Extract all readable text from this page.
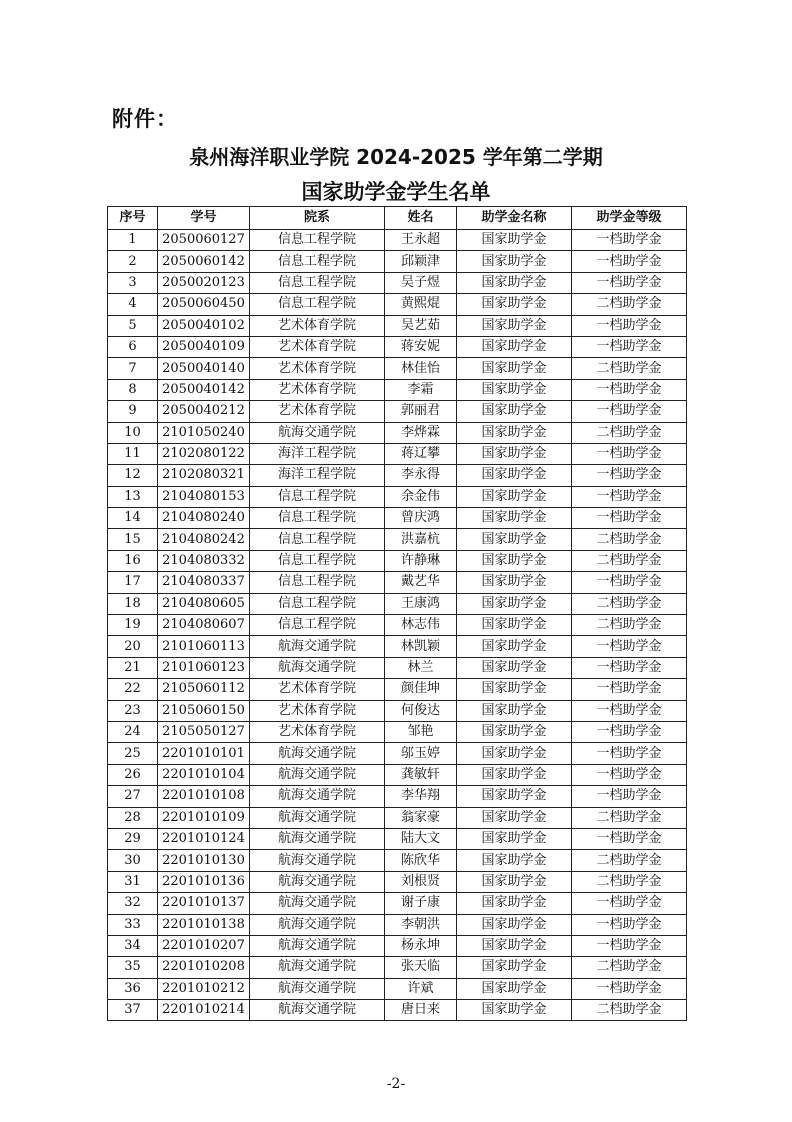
附件：
泉州海洋职业学院 2024-2025 学年第二学期
国家助学金学生名单
序号	学号	院系	姓名	助学金名称	助学金等级
1	2050060127	信息工程学院	王永超	国家助学金	一档助学金
2	2050060142	信息工程学院	邱颖津	国家助学金	一档助学金
3	2050020123	信息工程学院	吴子煜	国家助学金	一档助学金
4	2050060450	信息工程学院	黄熙焜	国家助学金	二档助学金
5	2050040102	艺术体育学院	吴艺茹	国家助学金	一档助学金
6	2050040109	艺术体育学院	蒋安妮	国家助学金	一档助学金
7	2050040140	艺术体育学院	林佳怡	国家助学金	二档助学金
8	2050040142	艺术体育学院	李霜	国家助学金	一档助学金
9	2050040212	艺术体育学院	郭丽君	国家助学金	一档助学金
10	2101050240	航海交通学院	李烨霖	国家助学金	二档助学金
11	2102080122	海洋工程学院	蒋辽攀	国家助学金	一档助学金
12	2102080321	海洋工程学院	李永得	国家助学金	一档助学金
13	2104080153	信息工程学院	余金伟	国家助学金	一档助学金
14	2104080240	信息工程学院	曾庆鸿	国家助学金	一档助学金
15	2104080242	信息工程学院	洪嘉杭	国家助学金	二档助学金
16	2104080332	信息工程学院	许静琳	国家助学金	二档助学金
17	2104080337	信息工程学院	戴艺华	国家助学金	一档助学金
18	2104080605	信息工程学院	王康鸿	国家助学金	二档助学金
19	2104080607	信息工程学院	林志伟	国家助学金	二档助学金
20	2101060113	航海交通学院	林凯颖	国家助学金	一档助学金
21	2101060123	航海交通学院	林兰	国家助学金	一档助学金
22	2105060112	艺术体育学院	颜佳坤	国家助学金	一档助学金
23	2105060150	艺术体育学院	何俊达	国家助学金	一档助学金
24	2105050127	艺术体育学院	邹艳	国家助学金	一档助学金
25	2201010101	航海交通学院	邬玉婷	国家助学金	一档助学金
26	2201010104	航海交通学院	龚敏轩	国家助学金	一档助学金
27	2201010108	航海交通学院	李华翔	国家助学金	一档助学金
28	2201010109	航海交通学院	翁家豪	国家助学金	二档助学金
29	2201010124	航海交通学院	陆大文	国家助学金	一档助学金
30	2201010130	航海交通学院	陈欣华	国家助学金	二档助学金
31	2201010136	航海交通学院	刘根贤	国家助学金	二档助学金
32	2201010137	航海交通学院	谢子康	国家助学金	一档助学金
33	2201010138	航海交通学院	李朝洪	国家助学金	一档助学金
34	2201010207	航海交通学院	杨永坤	国家助学金	一档助学金
35	2201010208	航海交通学院	张天临	国家助学金	二档助学金
36	2201010212	航海交通学院	许斌	国家助学金	一档助学金
37	2201010214	航海交通学院	唐日来	国家助学金	二档助学金
-2-
